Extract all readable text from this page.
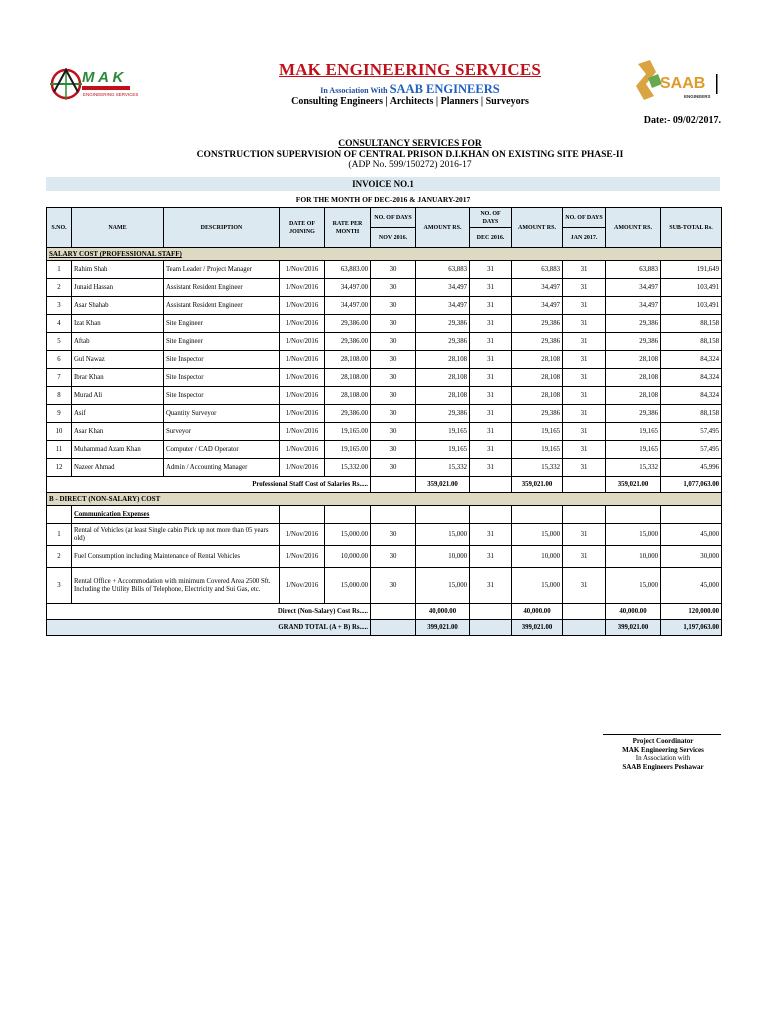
M A K
ENGINEERING SERVICES
SAAB
ENGINEERS
MAK ENGINEERING SERVICES
In Association With SAAB ENGINEERS
Consulting Engineers | Architects | Planners | Surveyors
Date:- 09/02/2017.
CONSULTANCY SERVICES FOR
CONSTRUCTION SUPERVISION OF CENTRAL PRISON D.I.KHAN ON EXISTING SITE PHASE-II
(ADP No. 599/150272) 2016-17
INVOICE NO.1
FOR THE MONTH OF DEC-2016 & JANUARY-2017
S.NO.	NAME	DESCRIPTION	DATE OF JOINING	RATE PER MONTH	NO. OF DAYS	AMOUNT RS.	NO. OF DAYS	AMOUNT RS.	NO. OF DAYS	AMOUNT RS.	SUB-TOTAL Rs.
					NOV 2016.		DEC 2016.		JAN 2017.		
SALARY COST (PROFESSIONAL STAFF)											
1	Rahim Shah	Team Leader / Project Manager	1/Nov/2016	63,883.00	30	63,883	31	63,883	31	63,883	191,649
2	Junaid Hassan	Assistant Resident Engineer	1/Nov/2016	34,497.00	30	34,497	31	34,497	31	34,497	103,491
3	Asar Shahab	Assistant Resident Engineer	1/Nov/2016	34,497.00	30	34,497	31	34,497	31	34,497	103,491
4	Izat Khan	Site Engineer	1/Nov/2016	29,386.00	30	29,386	31	29,386	31	29,386	88,158
5	Aftab	Site Engineer	1/Nov/2016	29,386.00	30	29,386	31	29,386	31	29,386	88,158
6	Gul Nawaz	Site Inspector	1/Nov/2016	28,108.00	30	28,108	31	28,108	31	28,108	84,324
7	Ibrar Khan	Site Inspector	1/Nov/2016	28,108.00	30	28,108	31	28,108	31	28,108	84,324
8	Murad Ali	Site Inspector	1/Nov/2016	28,108.00	30	28,108	31	28,108	31	28,108	84,324
9	Asif	Quantity Surveyor	1/Nov/2016	29,386.00	30	29,386	31	29,386	31	29,386	88,158
10	Asar Khan	Surveyor	1/Nov/2016	19,165.00	30	19,165	31	19,165	31	19,165	57,495
11	Muhammad Azam Khan	Computer / CAD Operator	1/Nov/2016	19,165.00	30	19,165	31	19,165	31	19,165	57,495
12	Nazeer Ahmad	Admin / Accounting Manager	1/Nov/2016	15,332.00	30	15,332	31	15,332	31	15,332	45,996
Professional Staff Cost of Salaries Rs.....						359,021.00		359,021.00		359,021.00	1,077,063.00
B - DIRECT (NON-SALARY) COST											
	Communication Expenses										
1	Rental of Vehicles (at least Single cabin Pick up not more than 05 years old)		1/Nov/2016	15,000.00	30	15,000	31	15,000	31	15,000	45,000
2	Fuel Consumption including Maintenance of Rental Vehicles		1/Nov/2016	10,000.00	30	10,000	31	10,000	31	10,000	30,000
3	Rental Office + Accommodation with minimum Covered Area 2500 Sft. Including the Utility Bills of Telephone, Electricity and Sui Gas, etc.		1/Nov/2016	15,000.00	30	15,000	31	15,000	31	15,000	45,000
Direct (Non-Salary) Cost Rs.....						40,000.00		40,000.00		40,000.00	120,000.00
GRAND TOTAL (A + B) Rs.....						399,021.00		399,021.00		399,021.00	1,197,063.00
Project Coordinator
MAK Engineering Services
In Association with
SAAB Engineers Peshawar
